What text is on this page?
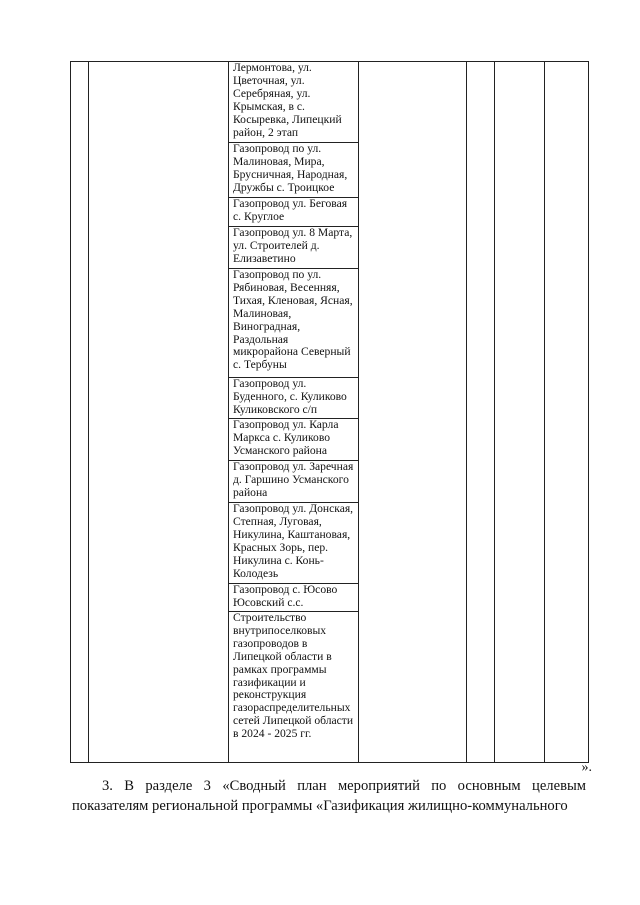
		Лермонтова, ул. Цветочная, ул. Серебряная, ул. Крымская, в с. Косыревка, Липецкий район, 2 этап				
Газопровод по ул. Малиновая, Мира, Брусничная, Народная, Дружбы с. Троицкое
Газопровод ул. Беговая с. Круглое
Газопровод ул. 8 Марта, ул. Строителей д. Елизаветино
Газопровод по ул. Рябиновая, Весенняя, Тихая, Кленовая, Ясная, Малиновая, Виноградная, Раздольная микрорайона Северный с. Тербуны
Газопровод ул. Буденного, с. Куликово Куликовского с/п
Газопровод ул. Карла Маркса с. Куликово Усманского района
Газопровод ул. Заречная д. Гаршино Усманского района
Газопровод ул. Донская, Степная, Луговая, Никулина, Каштановая, Красных Зорь, пер. Никулина с. Конь-Колодезь
Газопровод с. Юсово Юсовский с.с.
Строительство внутрипоселковых газопроводов в Липецкой области в рамках программы газификации и реконструкция газораспределительных сетей Липецкой области в 2024 - 2025 гг.
».

3. В разделе 3 «Сводный план мероприятий по основным целевым показателям региональной программы «Газификация жилищно-коммунального
